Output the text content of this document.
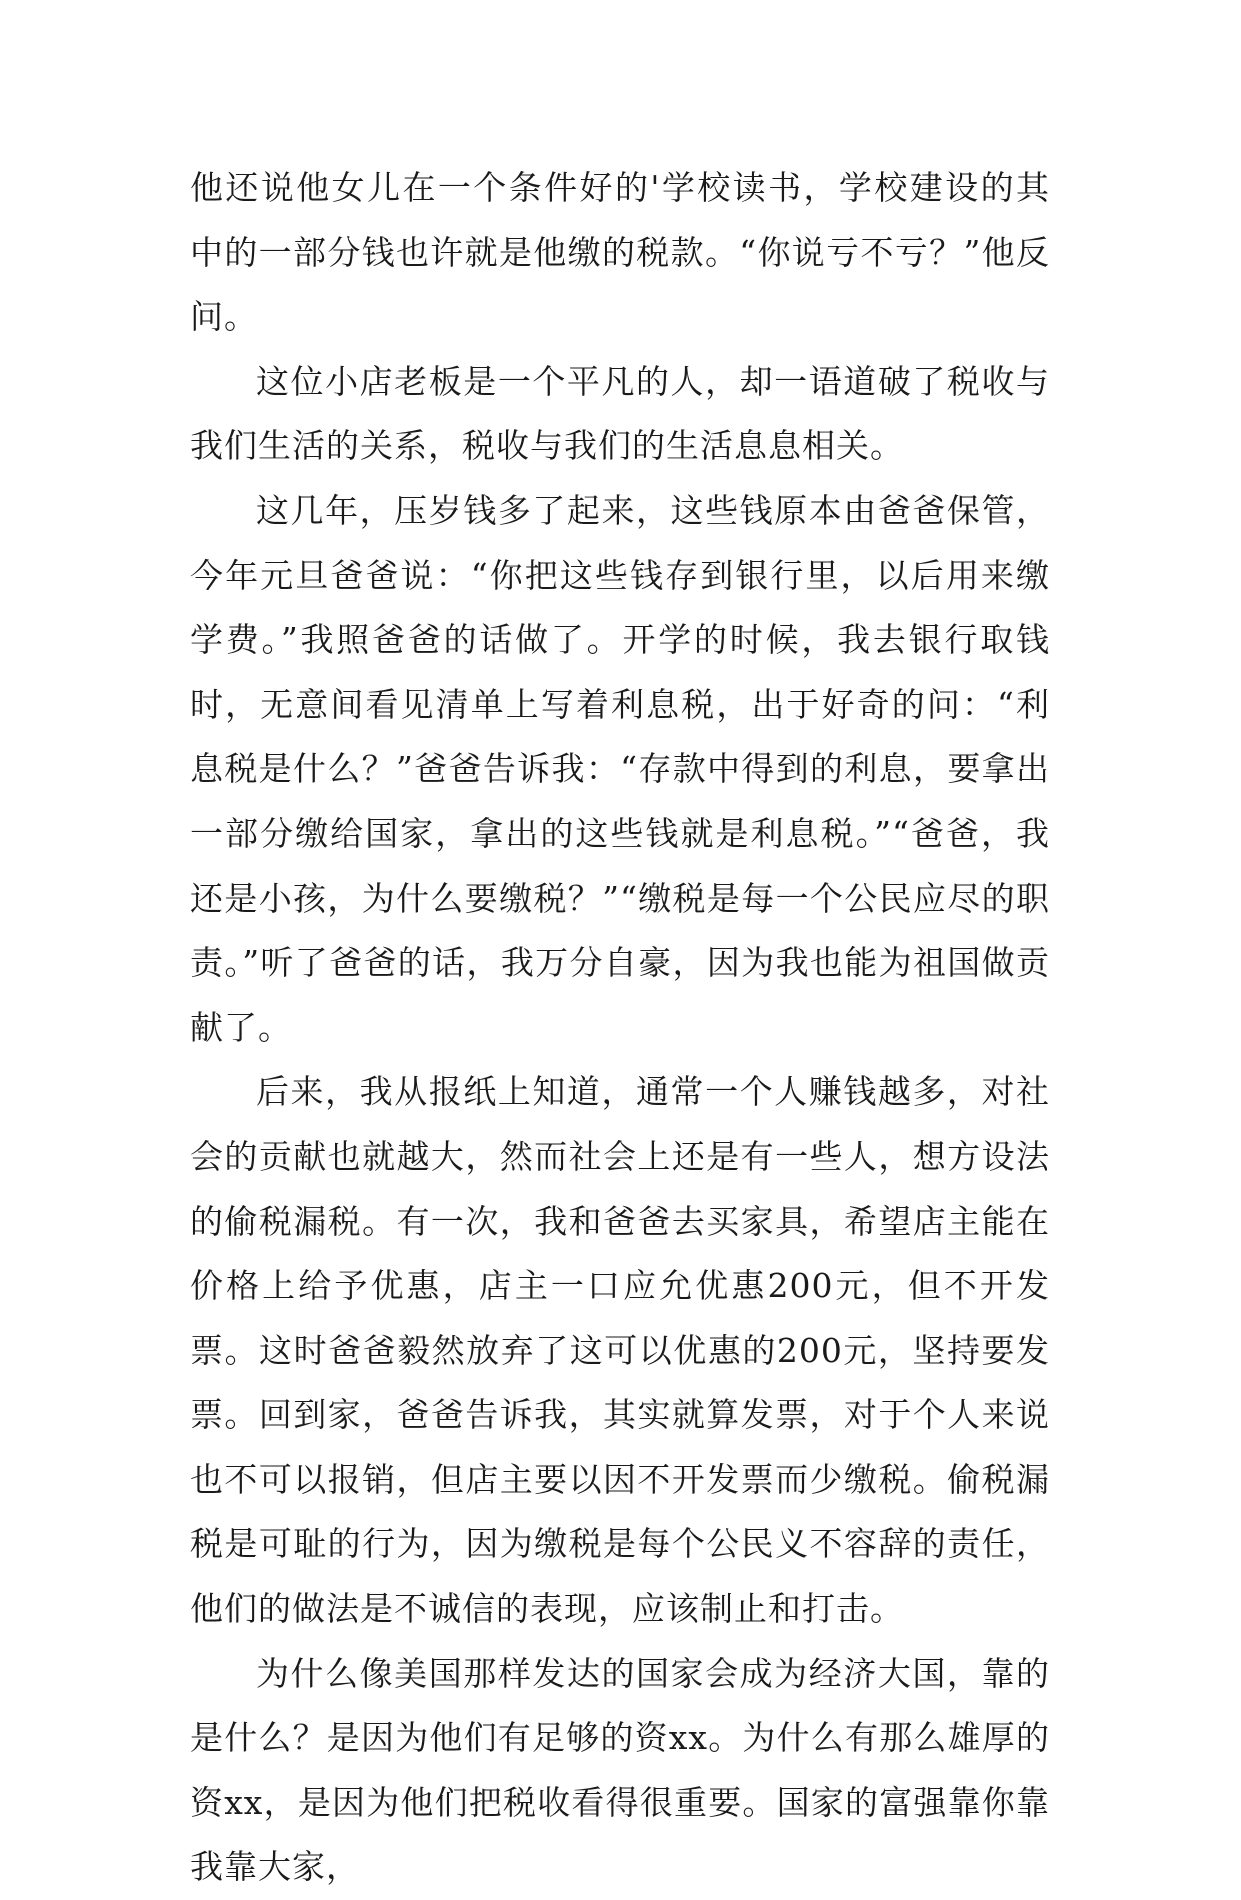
他还说他女儿在一个条件好的'学校读书，学校建设的其中的一部分钱也许就是他缴的税款。“你说亏不亏？”他反问。

这位小店老板是一个平凡的人，却一语道破了税收与我们生活的关系，税收与我们的生活息息相关。

这几年，压岁钱多了起来，这些钱原本由爸爸保管，今年元旦爸爸说：“你把这些钱存到银行里，以后用来缴学费。”我照爸爸的话做了。开学的时候，我去银行取钱时，无意间看见清单上写着利息税，出于好奇的问：“利息税是什么？”爸爸告诉我：“存款中得到的利息，要拿出一部分缴给国家，拿出的这些钱就是利息税。”“爸爸，我还是小孩，为什么要缴税？”“缴税是每一个公民应尽的职责。”听了爸爸的话，我万分自豪，因为我也能为祖国做贡献了。

后来，我从报纸上知道，通常一个人赚钱越多，对社会的贡献也就越大，然而社会上还是有一些人，想方设法的偷税漏税。有一次，我和爸爸去买家具，希望店主能在价格上给予优惠，店主一口应允优惠200元，但不开发票。这时爸爸毅然放弃了这可以优惠的200元，坚持要发票。回到家，爸爸告诉我，其实就算发票，对于个人来说也不可以报销，但店主要以因不开发票而少缴税。偷税漏税是可耻的行为，因为缴税是每个公民义不容辞的责任，他们的做法是不诚信的表现，应该制止和打击。

为什么像美国那样发达的国家会成为经济大国，靠的是什么？是因为他们有足够的资xx。为什么有那么雄厚的资xx，是因为他们把税收看得很重要。国家的富强靠你靠我靠大家，
